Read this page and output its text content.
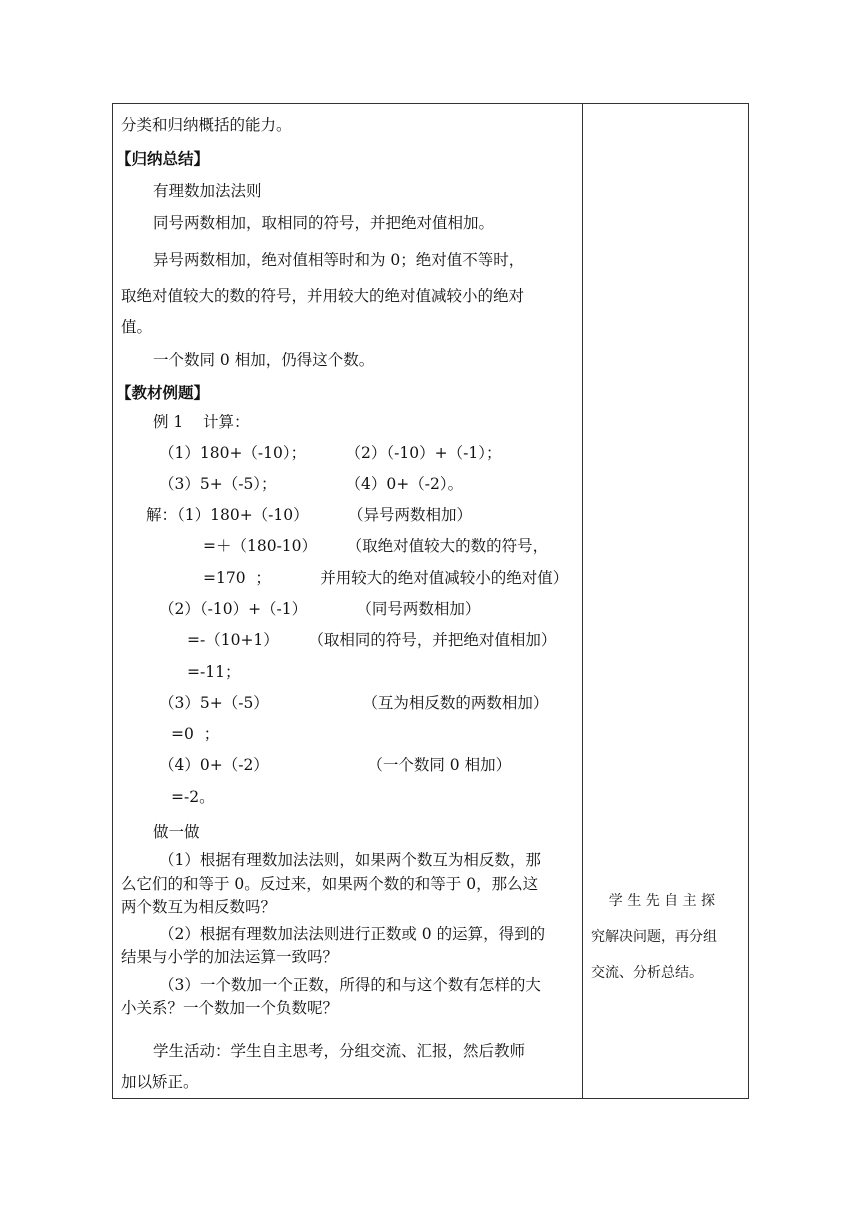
分类和归纳概括的能力。
【归纳总结】
有理数加法法则
同号两数相加，取相同的符号，并把绝对值相加。
异号两数相加，绝对值相等时和为 0；绝对值不等时，
取绝对值较大的数的符号，并用较大的绝对值减较小的绝对
值。
一个数同 0 相加，仍得这个数。
【教材例题】
例 1    计算：
（1）180+（-10）；        （2）（-10）+（-1）；
（3）5+（-5）；              （4）0+（-2）。
解：（1）180+（-10）        （异号两数相加）
=＋（180-10）      （取绝对值较大的数的符号，
=170  ；          并用较大的绝对值减较小的绝对值）
（2）（-10）+（-1）          （同号两数相加）
=-（10+1）      （取相同的符号，并把绝对值相加）
=-11；
（3）5+（-5）                   （互为相反数的两数相加）
=0  ；
（4）0+（-2）                    （一个数同 0 相加）
=-2。
做一做
（1）根据有理数加法法则，如果两个数互为相反数，那
么它们的和等于 0。反过来，如果两个数的和等于 0，那么这
两个数互为相反数吗？
（2）根据有理数加法法则进行正数或 0 的运算，得到的
结果与小学的加法运算一致吗？
（3）一个数加一个正数，所得的和与这个数有怎样的大
小关系？一个数加一个负数呢？
学生活动：学生自主思考，分组交流、汇报，然后教师
加以矫正。
学 生 先 自 主 探
究解决问题，再分组
交流、分析总结。
